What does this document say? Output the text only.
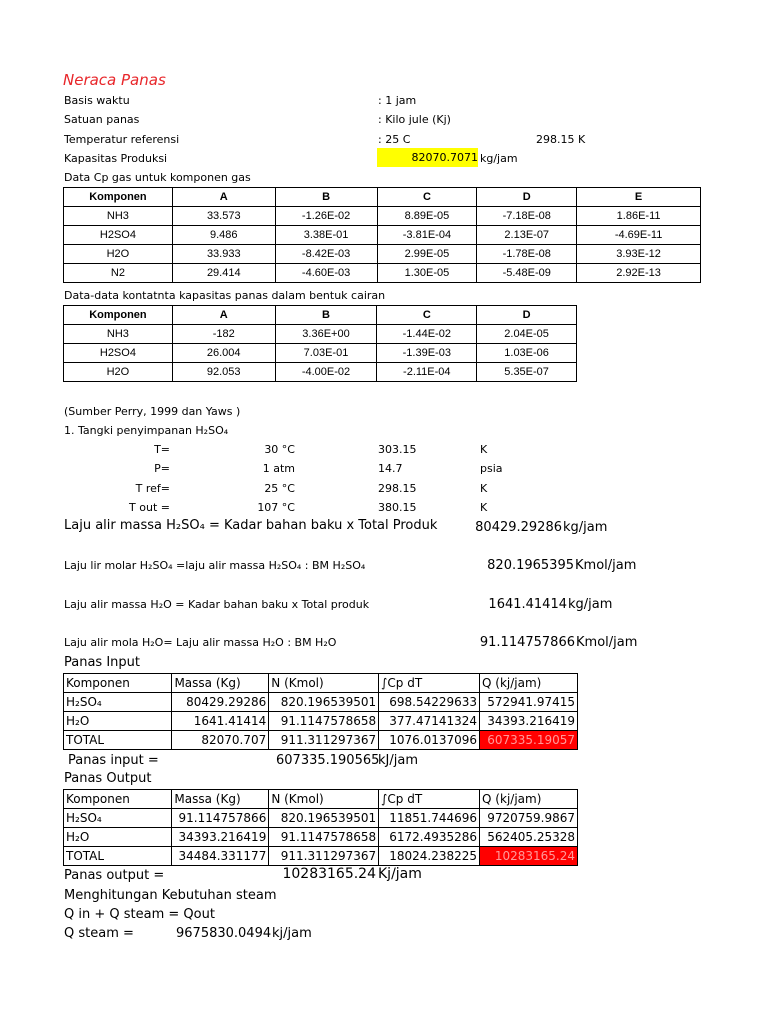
Neraca Panas
Basis waktu	: 1 jam
Satuan panas	: Kilo jule (Kj)
Temperatur referensi	: 25 C	298.15 K
Kapasitas Produksi	82070.7071 kg/jam
Data Cp gas untuk komponen gas
Komponen	A	B	C	D	E
NH3	33.573	-1.26E-02	8.89E-05	-7.18E-08	1.86E-11
H2SO4	9.486	3.38E-01	-3.81E-04	2.13E-07	-4.69E-11
H2O	33.933	-8.42E-03	2.99E-05	-1.78E-08	3.93E-12
N2	29.414	-4.60E-03	1.30E-05	-5.48E-09	2.92E-13
Data-data kontatnta kapasitas panas dalam bentuk cairan
Komponen	A	B	C	D
NH3	-182	3.36E+00	-1.44E-02	2.04E-05
H2SO4	26.004	7.03E-01	-1.39E-03	1.03E-06
H2O	92.053	-4.00E-02	-2.11E-04	5.35E-07
(Sumber Perry, 1999 dan Yaws )
1. Tangki penyimpanan H₂SO₄
T=	30 °C	303.15	K
P=	1 atm	14.7	psia
T ref=	25 °C	298.15	K
T out =	107 °C	380.15	K
Laju alir massa H₂SO₄ = Kadar bahan baku x Total Produk	80429.29286 kg/jam
Laju lir molar H₂SO₄ =laju alir massa H₂SO₄ : BM H₂SO₄	820.1965395 Kmol/jam
Laju alir massa H₂O = Kadar bahan baku x Total produk	1641.41414 kg/jam
Laju alir mola H₂O= Laju alir massa H₂O : BM H₂O	91.114757866 Kmol/jam
Panas Input
Komponen	Massa (Kg)	N (Kmol)	∫Cp dT	Q (kj/jam)
H₂SO₄	80429.29286	820.196539501	698.54229633	572941.97415
H₂O	1641.41414	91.1147578658	377.47141324	34393.216419
TOTAL	82070.707	911.311297367	1076.0137096	607335.19057
Panas input =	607335.190565
kJ/jam
Panas Output
Komponen	Massa (Kg)	N (Kmol)	∫Cp dT	Q (kj/jam)
H₂SO₄	91.114757866	820.196539501	11851.744696	9720759.9867
H₂O	34393.216419	91.1147578658	6172.4935286	562405.25328
TOTAL	34484.331177	911.311297367	18024.238225	10283165.24
Panas output =	10283165.24 Kj/jam
Menghitungan Kebutuhan steam
Q in + Q steam = Qout
Q steam =	9675830.0494 kj/jam
